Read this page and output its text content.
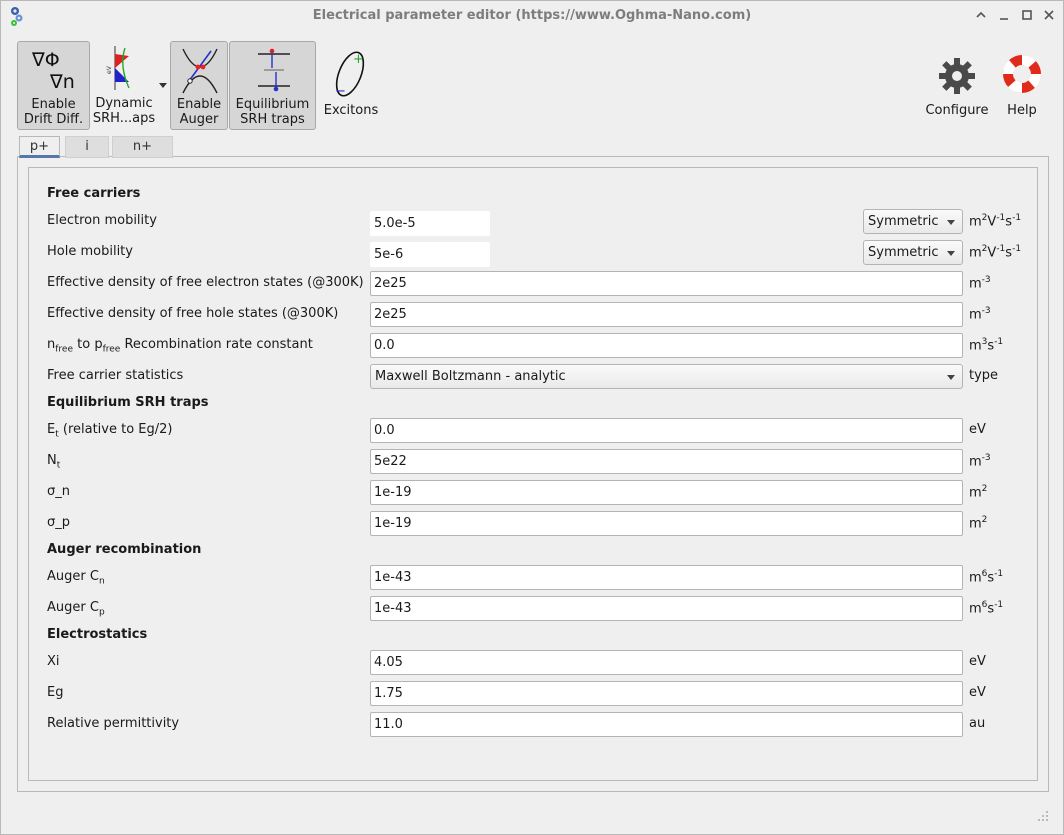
Electrical parameter editor (https://www.Oghma-Nano.com)
∇Φ
∇n
Enable
Drift Diff.
eV
Dynamic
SRH...aps
Enable
Auger
Equilibrium
SRH traps
+
−
Excitons	Configure	Help
p+	i	n+
Free carriers
Electron mobility	5.0e-5	Symmetric	$m^2V^{-1}s^{-1}$
Hole mobility	5e-6	Symmetric	$m^2V^{-1}s^{-1}$
Effective density of free electron states (@300K) 2e25	$m^{-3}$
Effective density of free hole states (@300K)	2e25	$m^{-3}$
$n_{free}$ to $p_{free}$ Recombination rate constant	0.0	$m^3s^{-1}$
Free carrier statistics	Maxwell Boltzmann - analytic	type
Equilibrium SRH traps
$E_t$ (relative to Eg/2)	0.0	eV
$N_t$	5e22	$m^{-3}$
σ_n	1e-19	$m^2$
σ_p	1e-19	$m^2$
Auger recombination
Auger $C_n$	1e-43	$m^6s^{-1}$
Auger $C_p$	1e-43	$m^6s^{-1}$
Electrostatics
Xi	4.05	eV
Eg	1.75	eV
Relative permittivity	11.0	au
